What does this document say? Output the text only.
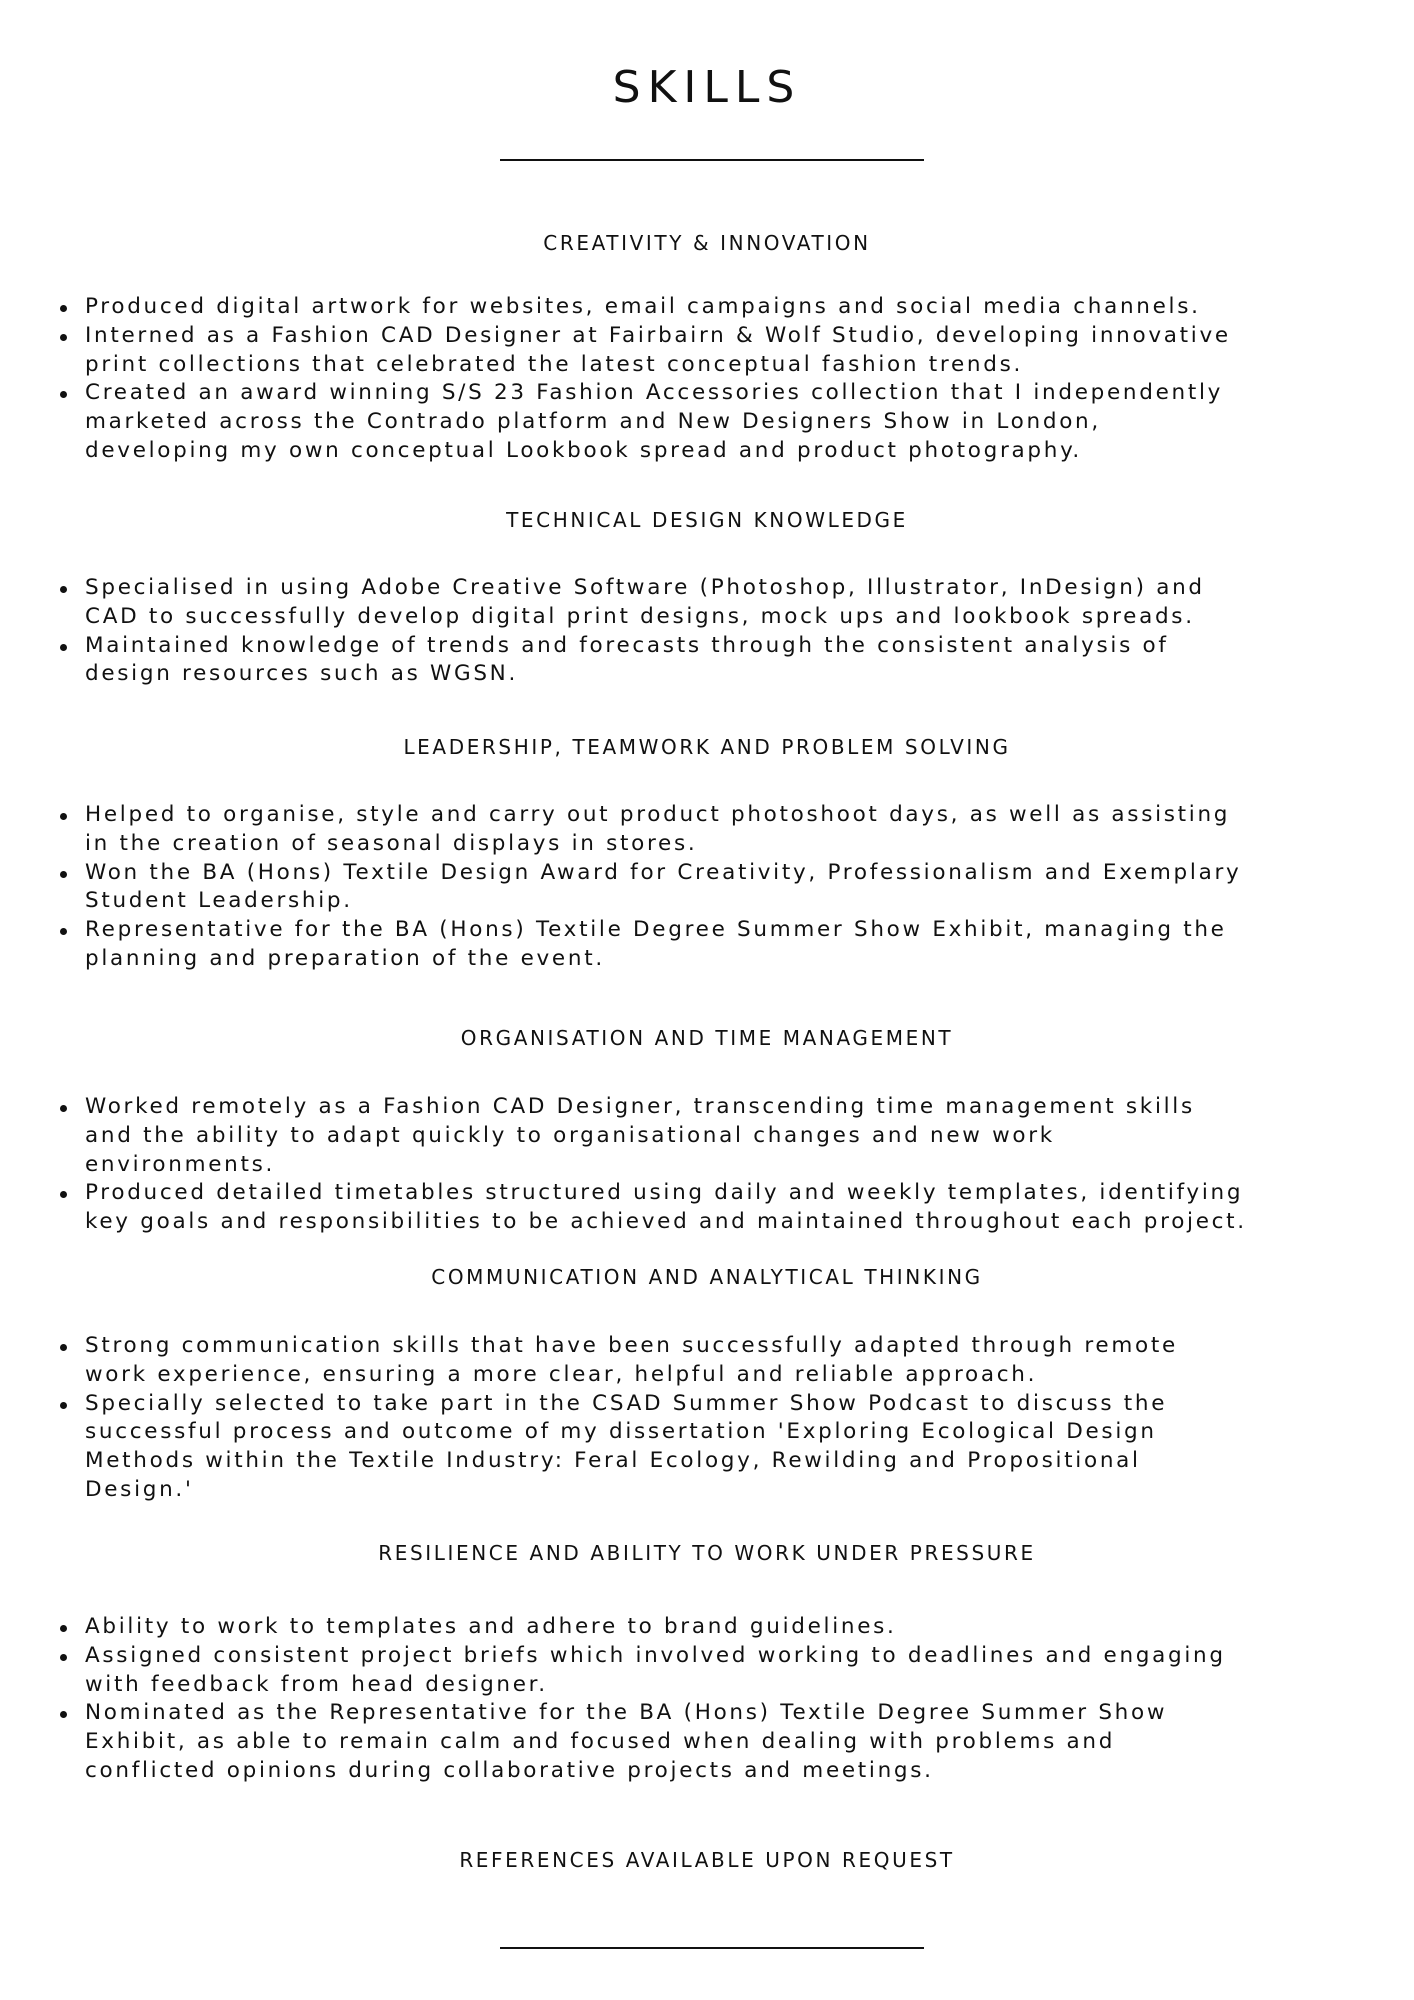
SKILLS
CREATIVITY & INNOVATION
Produced digital artwork for websites, email campaigns and social media channels.
Interned as a Fashion CAD Designer at Fairbairn & Wolf Studio, developing innovative
print collections that celebrated the latest conceptual fashion trends.
Created an award winning S/S 23 Fashion Accessories collection that I independently
marketed across the Contrado platform and New Designers Show in London,
developing my own conceptual Lookbook spread and product photography.
TECHNICAL DESIGN KNOWLEDGE
Specialised in using Adobe Creative Software (Photoshop, Illustrator, InDesign) and
CAD to successfully develop digital print designs, mock ups and lookbook spreads.
Maintained knowledge of trends and forecasts through the consistent analysis of
design resources such as WGSN.
LEADERSHIP, TEAMWORK AND PROBLEM SOLVING
Helped to organise, style and carry out product photoshoot days, as well as assisting
in the creation of seasonal displays in stores.
Won the BA (Hons) Textile Design Award for Creativity, Professionalism and Exemplary
Student Leadership.
Representative for the BA (Hons) Textile Degree Summer Show Exhibit, managing the
planning and preparation of the event.
ORGANISATION AND TIME MANAGEMENT
Worked remotely as a Fashion CAD Designer, transcending time management skills
and the ability to adapt quickly to organisational changes and new work
environments.
Produced detailed timetables structured using daily and weekly templates, identifying
key goals and responsibilities to be achieved and maintained throughout each project.
COMMUNICATION AND ANALYTICAL THINKING
Strong communication skills that have been successfully adapted through remote
work experience, ensuring a more clear, helpful and reliable approach.
Specially selected to take part in the CSAD Summer Show Podcast to discuss the
successful process and outcome of my dissertation 'Exploring Ecological Design
Methods within the Textile Industry: Feral Ecology, Rewilding and Propositional
Design.'
RESILIENCE AND ABILITY TO WORK UNDER PRESSURE
Ability to work to templates and adhere to brand guidelines.
Assigned consistent project briefs which involved working to deadlines and engaging
with feedback from head designer.
Nominated as the Representative for the BA (Hons) Textile Degree Summer Show
Exhibit, as able to remain calm and focused when dealing with problems and
conflicted opinions during collaborative projects and meetings.

REFERENCES AVAILABLE UPON REQUEST
